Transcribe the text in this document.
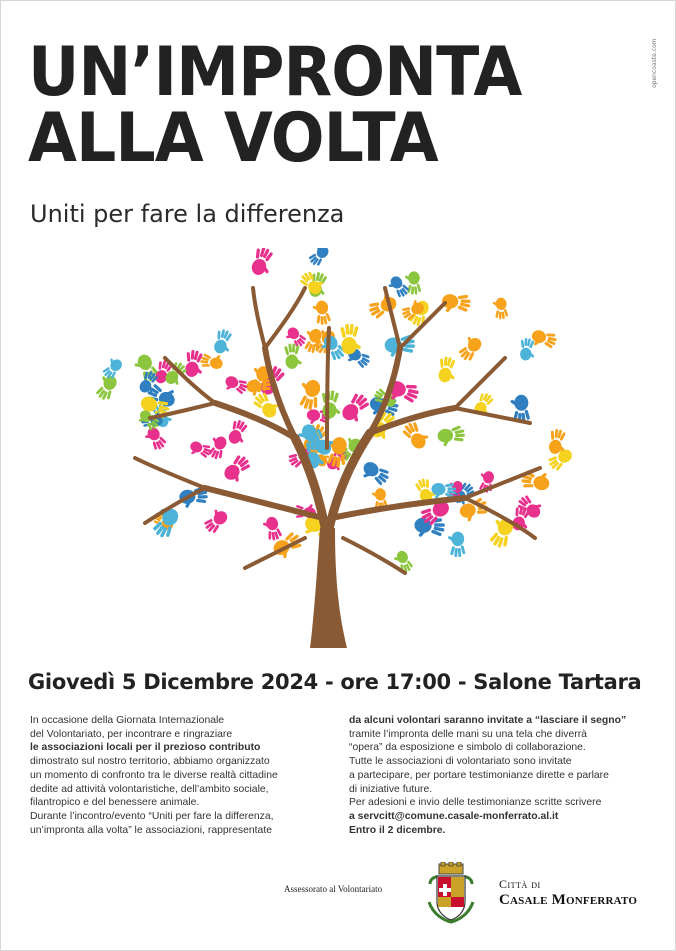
opencoaste.com
UN’IMPRONTA
ALLA VOLTA
Uniti per fare la differenza
Giovedì 5 Dicembre 2024 - ore 17:00 - Salone Tartara

In occasione della Giornata Internazionale

del Volontariato, per incontrare e ringraziare

le associazioni locali per il prezioso contributo

dimostrato sul nostro territorio, abbiamo organizzato

un momento di confronto tra le diverse realtà cittadine

dedite ad attività volontaristiche, dell’ambito sociale,

filantropico e del benessere animale.

Durante l’incontro/evento “Uniti per fare la differenza,

un’impronta alla volta” le associazioni, rappresentate

da alcuni volontari saranno invitate a “lasciare il segno”

tramite l’impronta delle mani su una tela che diverrà

“opera” da esposizione e simbolo di collaborazione.

Tutte le associazioni di volontariato sono invitate

a partecipare, per portare testimonianze dirette e parlare

di iniziative future.

Per adesioni e invio delle testimonianze scritte scrivere

a servcitt@comune.casale-monferrato.al.it

Entro il 2 dicembre.

Assessorato al Volontariato	Città di
Casale Monferrato
